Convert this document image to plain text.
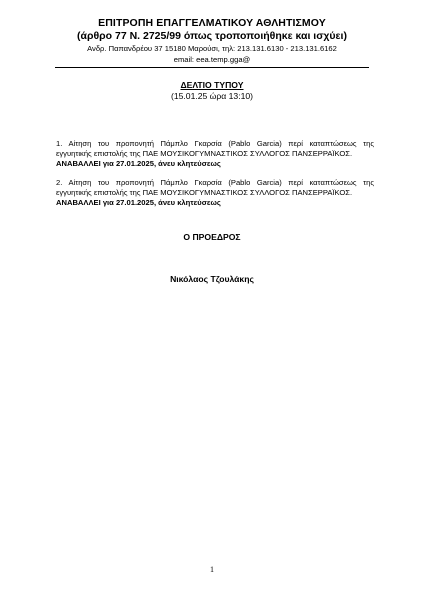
ΕΠΙΤΡΟΠΗ ΕΠΑΓΓΕΛΜΑΤΙΚΟΥ ΑΘΛΗΤΙΣΜΟΥ
(άρθρο 77 Ν. 2725/99 όπως τροποποιήθηκε και ισχύει)
Ανδρ. Παπανδρέου 37 15180 Μαρούσι, τηλ: 213.131.6130 - 213.131.6162
email: eea.temp.gga@
ΔΕΛΤΙΟ ΤΥΠΟΥ
(15.01.25 ώρα 13:10)
1. Αίτηση του προπονητή Πάμπλο Γκαρσία (Pablo Garcia) περί καταπτώσεως της
εγγυητικής επιστολής της ΠΑΕ ΜΟΥΣΙΚΟΓΥΜΝΑΣΤΙΚΟΣ ΣΥΛΛΟΓΟΣ ΠΑΝΣΕΡΡΑΪΚΟΣ.
ΑΝΑΒΑΛΛΕΙ για 27.01.2025, άνευ κλητεύσεως
2. Αίτηση του προπονητή Πάμπλο Γκαρσία (Pablo Garcia) περί καταπτώσεως της
εγγυητικής επιστολής της ΠΑΕ ΜΟΥΣΙΚΟΓΥΜΝΑΣΤΙΚΟΣ ΣΥΛΛΟΓΟΣ ΠΑΝΣΕΡΡΑΪΚΟΣ.
ΑΝΑΒΑΛΛΕΙ για 27.01.2025, άνευ κλητεύσεως
Ο ΠΡΟΕΔΡΟΣ
Νικόλαος Τζουλάκης
1
